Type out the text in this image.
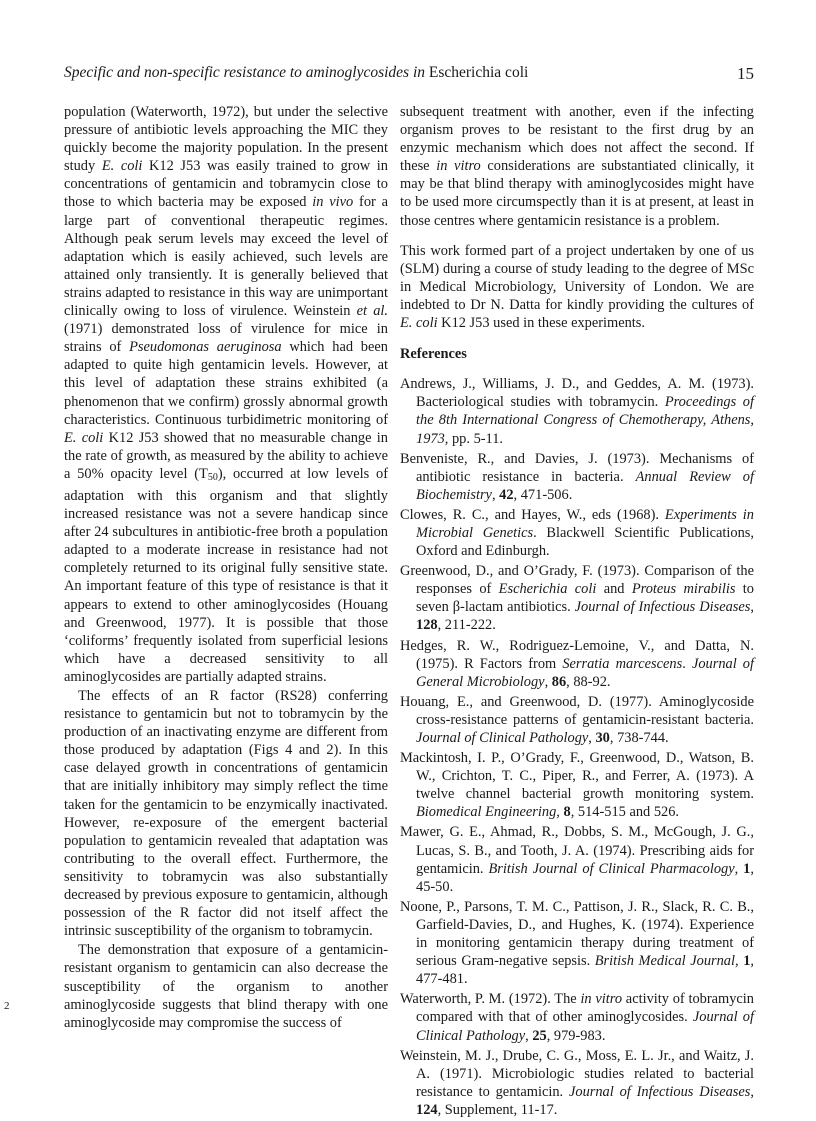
Specific and non-specific resistance to aminoglycosides in Escherichia coli	15

population (Waterworth, 1972), but under the selective pressure of antibiotic levels approaching the MIC they quickly become the majority population. In the present study E. coli K12 J53 was easily trained to grow in concentrations of gentamicin and tobramycin close to those to which bacteria may be exposed in vivo for a large part of conventional therapeutic regimes. Although peak serum levels may exceed the level of adaptation which is easily achieved, such levels are attained only transiently. It is generally believed that strains adapted to resistance in this way are unimportant clinically owing to loss of virulence. Weinstein et al. (1971) demonstrated loss of virulence for mice in strains of Pseudomonas aeruginosa which had been adapted to quite high gentamicin levels. However, at this level of adaptation these strains exhibited (a phenomenon that we confirm) grossly abnormal growth characteristics. Continuous turbidimetric monitoring of E. coli K12 J53 showed that no measurable change in the rate of growth, as measured by the ability to achieve a 50% opacity level $(T_{50})$, occurred at low levels of adaptation with this organism and that slightly increased resistance was not a severe handicap since after 24 subcultures in antibiotic-free broth a population adapted to a moderate increase in resistance had not completely returned to its original fully sensitive state. An important feature of this type of resistance is that it appears to extend to other aminoglycosides (Houang and Greenwood, 1977). It is possible that those ‘coliforms’ frequently isolated from superficial lesions which have a decreased sensitivity to all aminoglycosides are partially adapted strains.

The effects of an R factor (RS28) conferring resistance to gentamicin but not to tobramycin by the production of an inactivating enzyme are different from those produced by adaptation (Figs 4 and 2). In this case delayed growth in concentrations of gentamicin that are initially inhibitory may simply reflect the time taken for the gentamicin to be enzymically inactivated. However, re-exposure of the emergent bacterial population to gentamicin revealed that adaptation was contributing to the overall effect. Furthermore, the sensitivity to tobramycin was also substantially decreased by previous exposure to gentamicin, although possession of the R factor did not itself affect the intrinsic susceptibility of the organism to tobramycin.

The demonstration that exposure of a gentamicin-resistant organism to gentamicin can also decrease the susceptibility of the organism to another aminoglycoside suggests that blind therapy with one aminoglycoside may compromise the success of

subsequent treatment with another, even if the infecting organism proves to be resistant to the first drug by an enzymic mechanism which does not affect the second. If these in vitro considerations are substantiated clinically, it may be that blind therapy with aminoglycosides might have to be used more circumspectly than it is at present, at least in those centres where gentamicin resistance is a problem.

This work formed part of a project undertaken by one of us (SLM) during a course of study leading to the degree of MSc in Medical Microbiology, University of London. We are indebted to Dr N. Datta for kindly providing the cultures of E. coli K12 J53 used in these experiments.

References
Andrews, J., Williams, J. D., and Geddes, A. M. (1973). Bacteriological studies with tobramycin. Proceedings of the 8th International Congress of Chemotherapy, Athens, 1973, pp. 5-11.
Benveniste, R., and Davies, J. (1973). Mechanisms of antibiotic resistance in bacteria. Annual Review of Biochemistry, 42, 471-506.
Clowes, R. C., and Hayes, W., eds (1968). Experiments in Microbial Genetics. Blackwell Scientific Publications, Oxford and Edinburgh.
Greenwood, D., and O’Grady, F. (1973). Comparison of the responses of Escherichia coli and Proteus mirabilis to seven β-lactam antibiotics. Journal of Infectious Diseases, 128, 211-222.
Hedges, R. W., Rodriguez-Lemoine, V., and Datta, N. (1975). R Factors from Serratia marcescens. Journal of General Microbiology, 86, 88-92.
Houang, E., and Greenwood, D. (1977). Aminoglycoside cross-resistance patterns of gentamicin-resistant bacteria. Journal of Clinical Pathology, 30, 738-744.
Mackintosh, I. P., O’Grady, F., Greenwood, D., Watson, B. W., Crichton, T. C., Piper, R., and Ferrer, A. (1973). A twelve channel bacterial growth monitoring system. Biomedical Engineering, 8, 514-515 and 526.
Mawer, G. E., Ahmad, R., Dobbs, S. M., McGough, J. G., Lucas, S. B., and Tooth, J. A. (1974). Prescribing aids for gentamicin. British Journal of Clinical Pharmacology, 1, 45-50.
Noone, P., Parsons, T. M. C., Pattison, J. R., Slack, R. C. B., Garfield-Davies, D., and Hughes, K. (1974). Experience in monitoring gentamicin therapy during treatment of serious Gram-negative sepsis. British Medical Journal, 1, 477-481.
Waterworth, P. M. (1972). The in vitro activity of tobramycin compared with that of other aminoglycosides. Journal of Clinical Pathology, 25, 979-983.
Weinstein, M. J., Drube, C. G., Moss, E. L. Jr., and Waitz, J. A. (1971). Microbiologic studies related to bacterial resistance to gentamicin. Journal of Infectious Diseases, 124, Supplement, 11-17.
2
